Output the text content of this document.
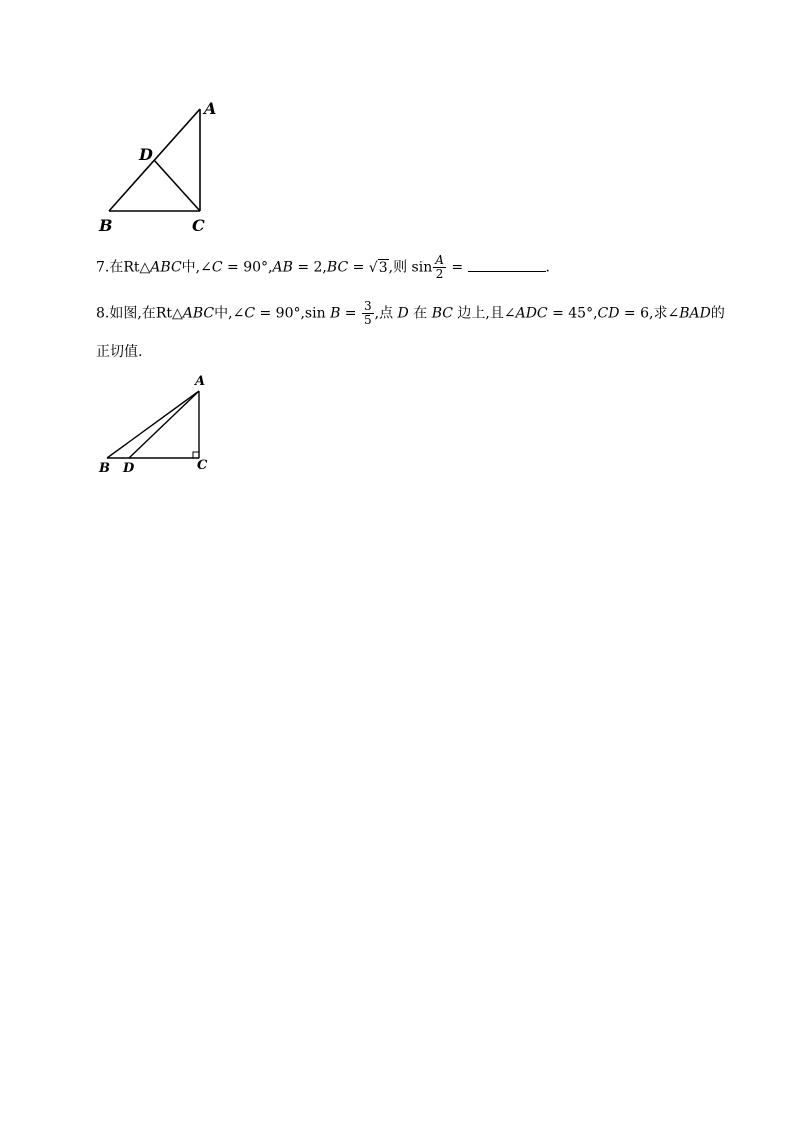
A
D
B	C
7.在Rt△ABC中,∠C = 90°,AB = 2,BC = √3,则 $\sin \frac{A}{2}$ =	.
8.如图,在Rt△ABC中,∠C = 90°,sin $B = \frac{3}{5}$ ,点 D 在 BC 边上,且∠ADC = 45°,CD = 6,求∠BAD的
正切值.
A
B D	C
